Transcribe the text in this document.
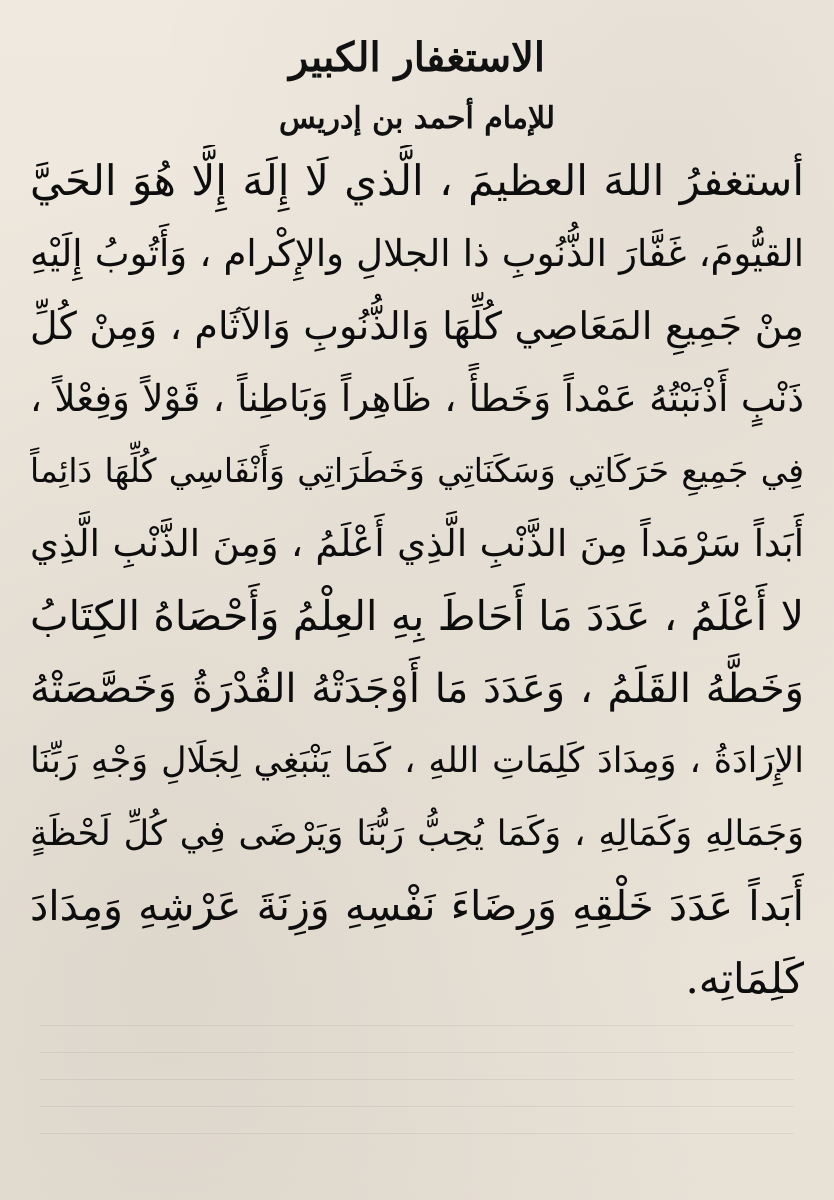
الاستغفار الكبير
للإمام أحمد بن إدريس
أستغفرُ اللهَ العظيمَ ، الَّذي لَا إِلَهَ إِلَّا هُوَ الحَيَّ
القيُّومَ، غَفَّارَ الذُّنُوبِ ذا الجلالِ والإِكْرام ، وَأَتُوبُ إِلَيْهِ
مِنْ جَمِيعِ المَعَاصِي كُلِّهَا وَالذُّنُوبِ وَالآثَام ، وَمِنْ كُلِّ
ذَنْبٍ أَذْنَبْتُهُ عَمْداً وَخَطأً ، ظَاهِراً وَبَاطِناً ، قَوْلاً وَفِعْلاً ،
فِي جَمِيعِ حَرَكَاتِي وَسَكَنَاتِي وَخَطَرَاتِي وَأَنْفَاسِي كُلِّهَا دَائِماً
أَبَداً سَرْمَداً مِنَ الذَّنْبِ الَّذِي أَعْلَمُ ، وَمِنَ الذَّنْبِ الَّذِي
لا أَعْلَمُ ، عَدَدَ مَا أَحَاطَ بِهِ العِلْمُ وَأَحْصَاهُ الكِتَابُ
وَخَطَّهُ القَلَمُ ، وَعَدَدَ مَا أَوْجَدَتْهُ القُدْرَةُ وَخَصَّصَتْهُ
الإِرَادَةُ ، وَمِدَادَ كَلِمَاتِ اللهِ ، كَمَا يَنْبَغِي لِجَلَالِ وَجْهِ رَبِّنَا
وَجَمَالِهِ وَكَمَالِهِ ، وَكَمَا يُحِبُّ رَبُّنَا وَيَرْضَى فِي كُلِّ لَحْظَةٍ
أَبَداً عَدَدَ خَلْقِهِ وَرِضَاءَ نَفْسِهِ وَزِنَةَ عَرْشِهِ وَمِدَادَ
كَلِمَاتِه.
